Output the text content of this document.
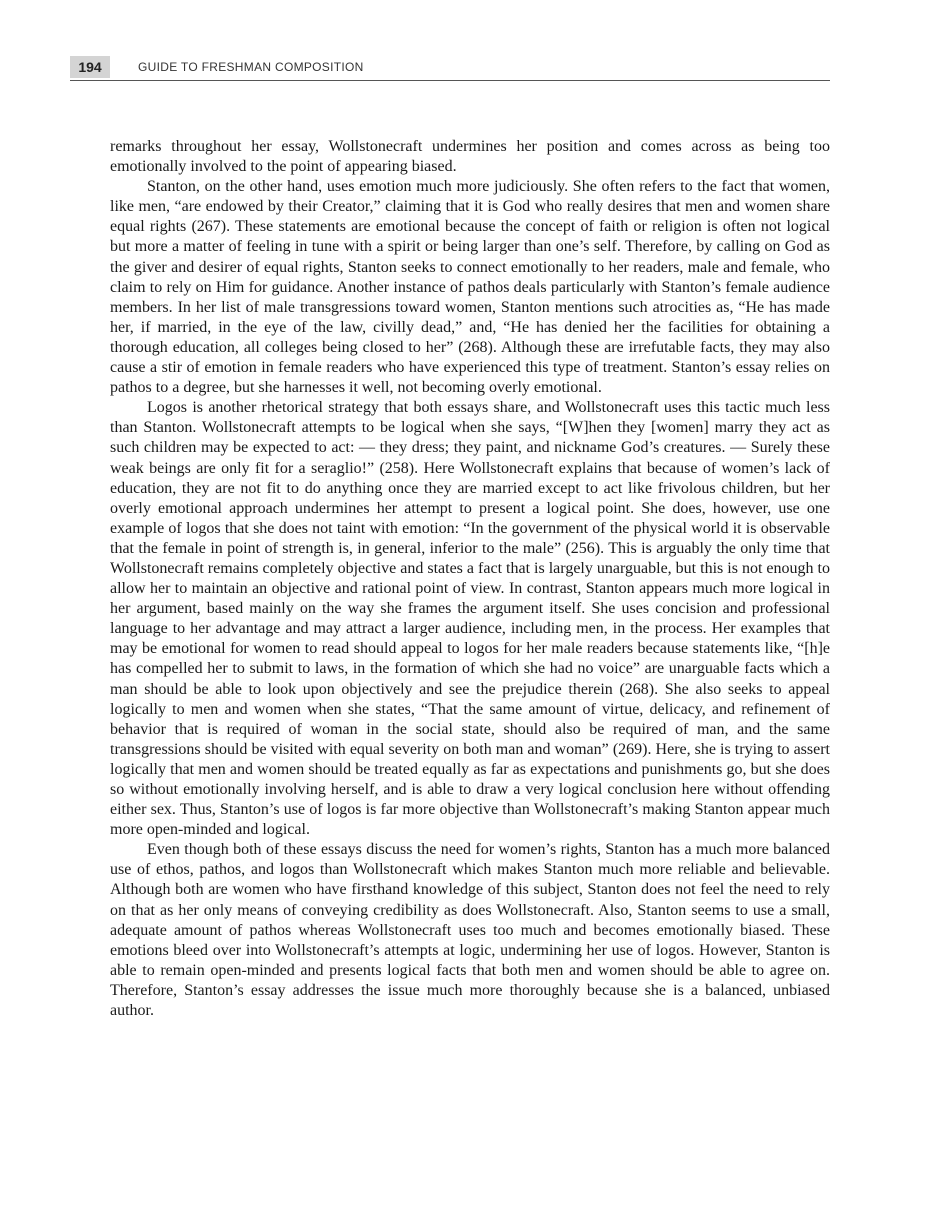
194	GUIDE TO FRESHMAN COMPOSITION

remarks throughout her essay, Wollstonecraft undermines her position and comes across as being too emotionally involved to the point of appearing biased.

Stanton, on the other hand, uses emotion much more judiciously. She often refers to the fact that women, like men, “are endowed by their Creator,” claiming that it is God who really desires that men and women share equal rights (267). These statements are emotional because the concept of faith or religion is often not logical but more a matter of feeling in tune with a spirit or being larger than one’s self. Therefore, by calling on God as the giver and desirer of equal rights, Stanton seeks to connect emotionally to her readers, male and female, who claim to rely on Him for guidance. Another instance of pathos deals particularly with Stanton’s female audience members. In her list of male transgressions toward women, Stanton mentions such atrocities as, “He has made her, if married, in the eye of the law, civilly dead,” and, “He has denied her the facilities for obtaining a thorough education, all colleges being closed to her” (268). Although these are irrefutable facts, they may also cause a stir of emotion in female readers who have experienced this type of treatment. Stanton’s essay relies on pathos to a degree, but she harnesses it well, not becoming overly emotional.

Logos is another rhetorical strategy that both essays share, and Wollstonecraft uses this tactic much less than Stanton. Wollstonecraft attempts to be logical when she says, “[W]hen they [women] marry they act as such children may be expected to act: — they dress; they paint, and nickname God’s creatures. — Surely these weak beings are only fit for a seraglio!” (258). Here Wollstonecraft explains that because of women’s lack of education, they are not fit to do anything once they are married except to act like frivolous children, but her overly emotional approach undermines her attempt to present a logical point. She does, however, use one example of logos that she does not taint with emotion: “In the government of the physical world it is observable that the female in point of strength is, in general, inferior to the male” (256). This is arguably the only time that Wollstonecraft remains completely objective and states a fact that is largely unarguable, but this is not enough to allow her to maintain an objective and rational point of view. In contrast, Stanton appears much more logical in her argument, based mainly on the way she frames the argument itself. She uses concision and professional language to her advantage and may attract a larger audience, including men, in the process. Her examples that may be emotional for women to read should appeal to logos for her male readers because statements like, “[h]e has compelled her to submit to laws, in the formation of which she had no voice” are unarguable facts which a man should be able to look upon objectively and see the prejudice therein (268). She also seeks to appeal logically to men and women when she states, “That the same amount of virtue, delicacy, and refinement of behavior that is required of woman in the social state, should also be required of man, and the same transgressions should be visited with equal severity on both man and woman” (269). Here, she is trying to assert logically that men and women should be treated equally as far as expectations and punishments go, but she does so without emotionally involving herself, and is able to draw a very logical conclusion here without offending either sex. Thus, Stanton’s use of logos is far more objective than Wollstonecraft’s making Stanton appear much more open-minded and logical.

Even though both of these essays discuss the need for women’s rights, Stanton has a much more balanced use of ethos, pathos, and logos than Wollstonecraft which makes Stanton much more reliable and believable. Although both are women who have firsthand knowledge of this subject, Stanton does not feel the need to rely on that as her only means of conveying credibility as does Wollstonecraft. Also, Stanton seems to use a small, adequate amount of pathos whereas Wollstonecraft uses too much and becomes emotionally biased. These emotions bleed over into Wollstonecraft’s attempts at logic, undermining her use of logos. However, Stanton is able to remain open-minded and presents logical facts that both men and women should be able to agree on. Therefore, Stanton’s essay addresses the issue much more thoroughly because she is a balanced, unbiased author.
